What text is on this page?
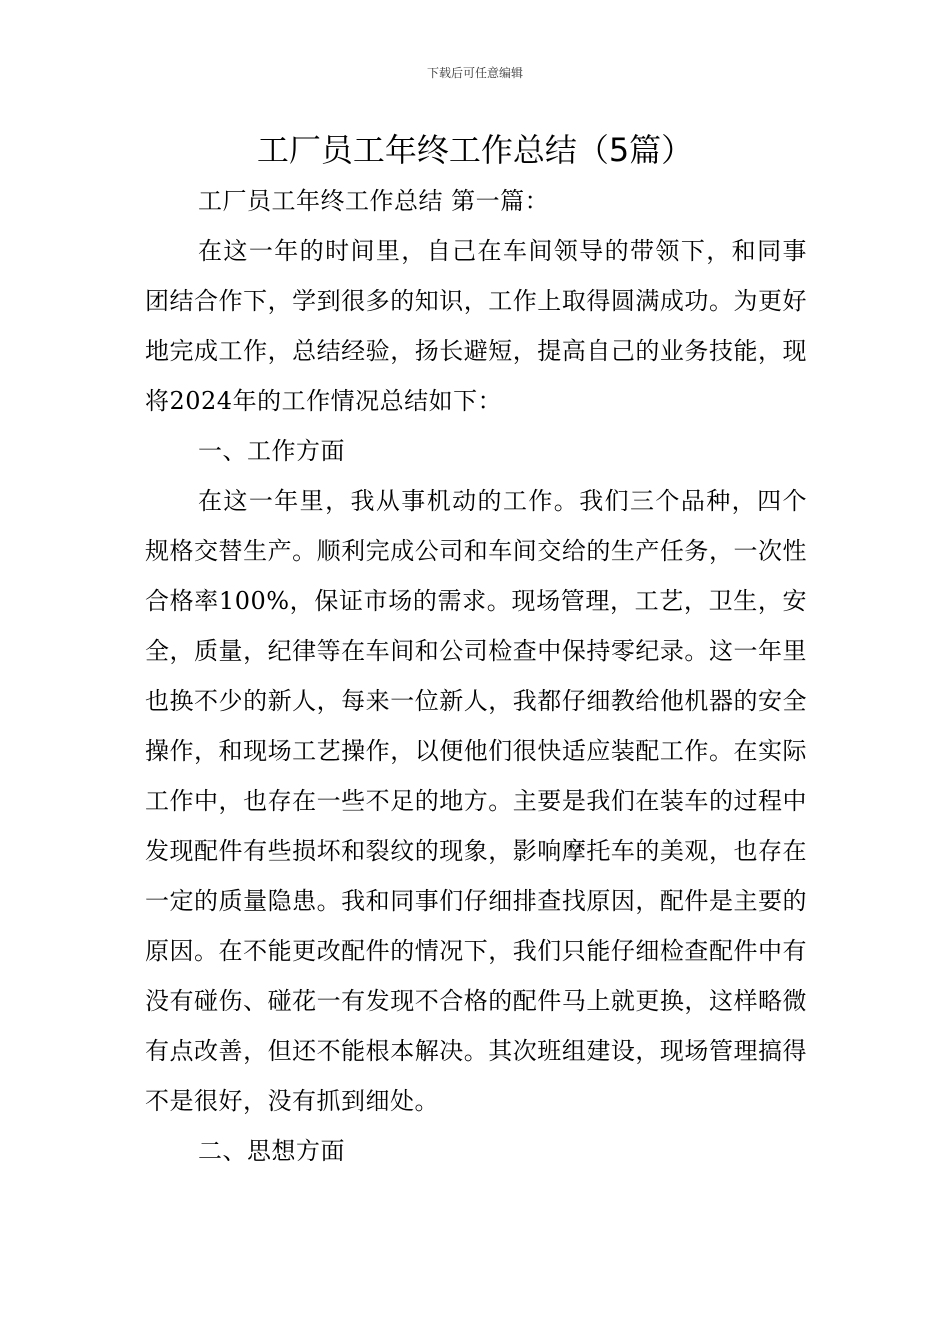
下载后可任意编辑
工厂员工年终工作总结（5篇）

工厂员工年终工作总结 第一篇：

在这一年的时间里，自己在车间领导的带领下，和同事团结合作下，学到很多的知识，工作上取得圆满成功。为更好地完成工作，总结经验，扬长避短，提高自己的业务技能，现将2024年的工作情况总结如下：

一、工作方面

在这一年里，我从事机动的工作。我们三个品种，四个规格交替生产。顺利完成公司和车间交给的生产任务，一次性合格率100%，保证市场的需求。现场管理，工艺，卫生，安全，质量，纪律等在车间和公司检查中保持零纪录。这一年里也换不少的新人，每来一位新人，我都仔细教给他机器的安全操作，和现场工艺操作，以便他们很快适应装配工作。在实际工作中，也存在一些不足的地方。主要是我们在装车的过程中发现配件有些损坏和裂纹的现象，影响摩托车的美观，也存在一定的质量隐患。我和同事们仔细排查找原因，配件是主要的原因。在不能更改配件的情况下，我们只能仔细检查配件中有没有碰伤、碰花一有发现不合格的配件马上就更换，这样略微有点改善，但还不能根本解决。其次班组建设，现场管理搞得不是很好，没有抓到细处。

二、思想方面
